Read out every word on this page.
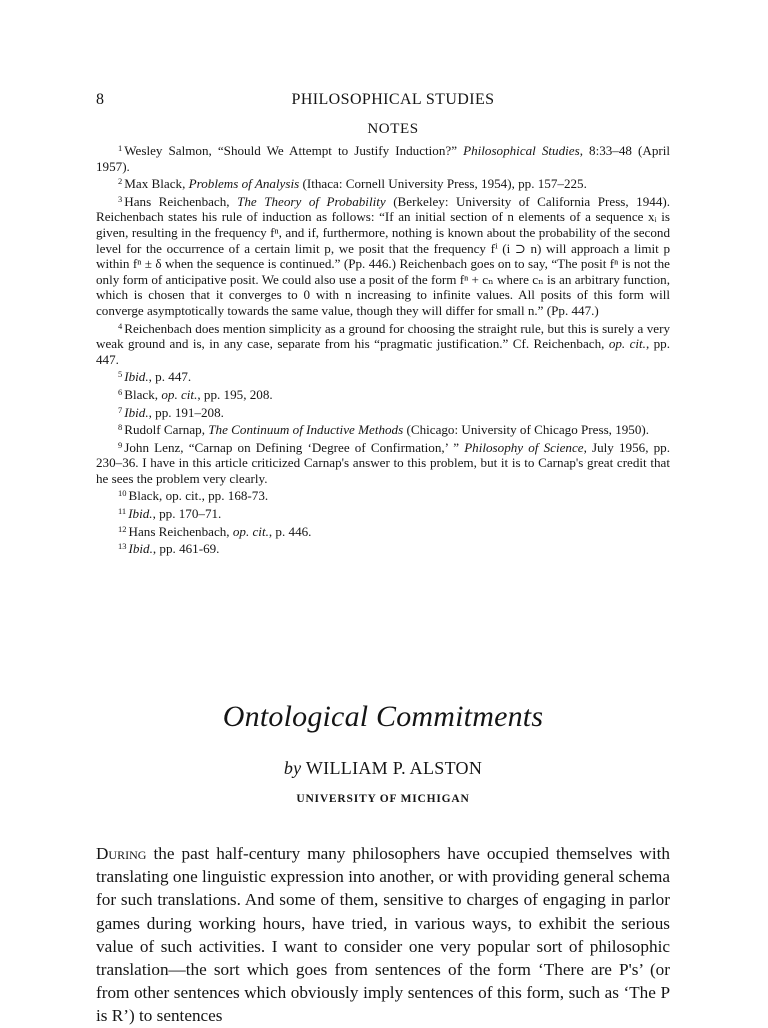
8	PHILOSOPHICAL STUDIES
NOTES

$^1$ Wesley Salmon, “Should We Attempt to Justify Induction?” Philosophical Studies, 8:33–48 (April 1957).

$^2$ Max Black, Problems of Analysis (Ithaca: Cornell University Press, 1954), pp. 157–225.

$^3$ Hans Reichenbach, The Theory of Probability (Berkeley: University of California Press, 1944). Reichenbach states his rule of induction as follows: “If an initial section of n elements of a sequence xᵢ is given, resulting in the frequency fⁿ, and if, furthermore, nothing is known about the probability of the second level for the occurrence of a certain limit p, we posit that the frequency fⁱ (i ⊃ n) will approach a limit p within fⁿ ± δ when the sequence is continued.” (Pp. 446.) Reichenbach goes on to say, “The posit fⁿ is not the only form of anticipative posit. We could also use a posit of the form fⁿ + cₙ where cₙ is an arbitrary function, which is chosen that it converges to 0 with n increasing to infinite values. All posits of this form will converge asymptotically towards the same value, though they will differ for small n.” (Pp. 447.)

$^4$ Reichenbach does mention simplicity as a ground for choosing the straight rule, but this is surely a very weak ground and is, in any case, separate from his “pragmatic justification.” Cf. Reichenbach, op. cit., pp. 447.

$^5$ Ibid., p. 447.

$^6$ Black, op. cit., pp. 195, 208.

$^7$ Ibid., pp. 191–208.

$^8$ Rudolf Carnap, The Continuum of Inductive Methods (Chicago: University of Chicago Press, 1950).

$^9$ John Lenz, “Carnap on Defining ‘Degree of Confirmation,’ ” Philosophy of Science, July 1956, pp. 230–36. I have in this article criticized Carnap's answer to this problem, but it is to Carnap's great credit that he sees the problem very clearly.

$^{10}$ Black, op. cit., pp. 168-73.

$^{11}$ Ibid., pp. 170–71.

$^{12}$ Hans Reichenbach, op. cit., p. 446.

$^{13}$ Ibid., pp. 461-69.

Ontological Commitments
by WILLIAM P. ALSTON
UNIVERSITY OF MICHIGAN

During the past half-century many philosophers have occupied themselves with translating one linguistic expression into another, or with providing general schema for such translations. And some of them, sensitive to charges of engaging in parlor games during working hours, have tried, in various ways, to exhibit the serious value of such activities. I want to consider one very popular sort of philosophic translation—the sort which goes from sentences of the form ‘There are P's’ (or from other sentences which obviously imply sentences of this form, such as ‘The P is R’) to sentences
